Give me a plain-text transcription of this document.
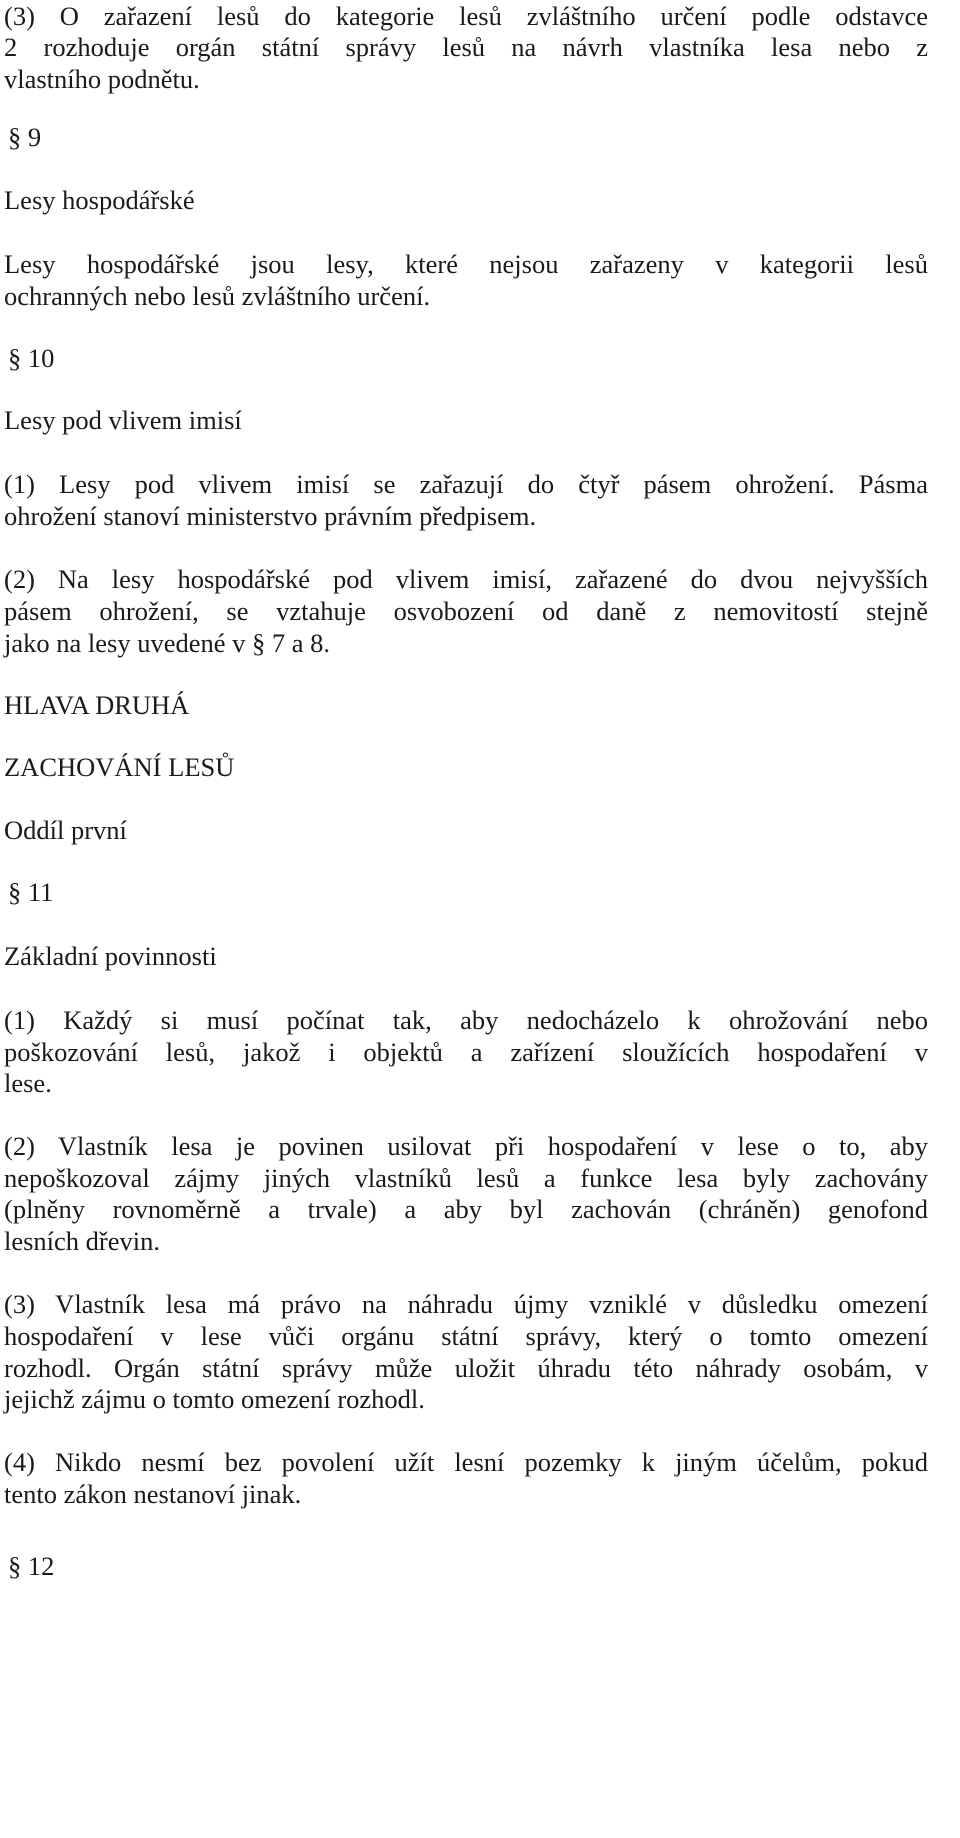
(3) O zařazení lesů do kategorie lesů zvláštního určení podle odstavce
2 rozhoduje orgán státní správy lesů na návrh vlastníka lesa nebo z
vlastního podnětu.
§ 9
Lesy hospodářské
Lesy hospodářské jsou lesy, které nejsou zařazeny v kategorii lesů
ochranných nebo lesů zvláštního určení.
§ 10
Lesy pod vlivem imisí
(1) Lesy pod vlivem imisí se zařazují do čtyř pásem ohrožení. Pásma
ohrožení stanoví ministerstvo právním předpisem.
(2) Na lesy hospodářské pod vlivem imisí, zařazené do dvou nejvyšších
pásem ohrožení, se vztahuje osvobození od daně z nemovitostí stejně
jako na lesy uvedené v § 7 a 8.
HLAVA DRUHÁ
ZACHOVÁNÍ LESŮ
Oddíl první
§ 11
Základní povinnosti
(1) Každý si musí počínat tak, aby nedocházelo k ohrožování nebo
poškozování lesů, jakož i objektů a zařízení sloužících hospodaření v
lese.
(2) Vlastník lesa je povinen usilovat při hospodaření v lese o to, aby
nepoškozoval zájmy jiných vlastníků lesů a funkce lesa byly zachovány
(plněny rovnoměrně a trvale) a aby byl zachován (chráněn) genofond
lesních dřevin.
(3) Vlastník lesa má právo na náhradu újmy vzniklé v důsledku omezení
hospodaření v lese vůči orgánu státní správy, který o tomto omezení
rozhodl. Orgán státní správy může uložit úhradu této náhrady osobám, v
jejichž zájmu o tomto omezení rozhodl.
(4) Nikdo nesmí bez povolení užít lesní pozemky k jiným účelům, pokud
tento zákon nestanoví jinak.
§ 12
